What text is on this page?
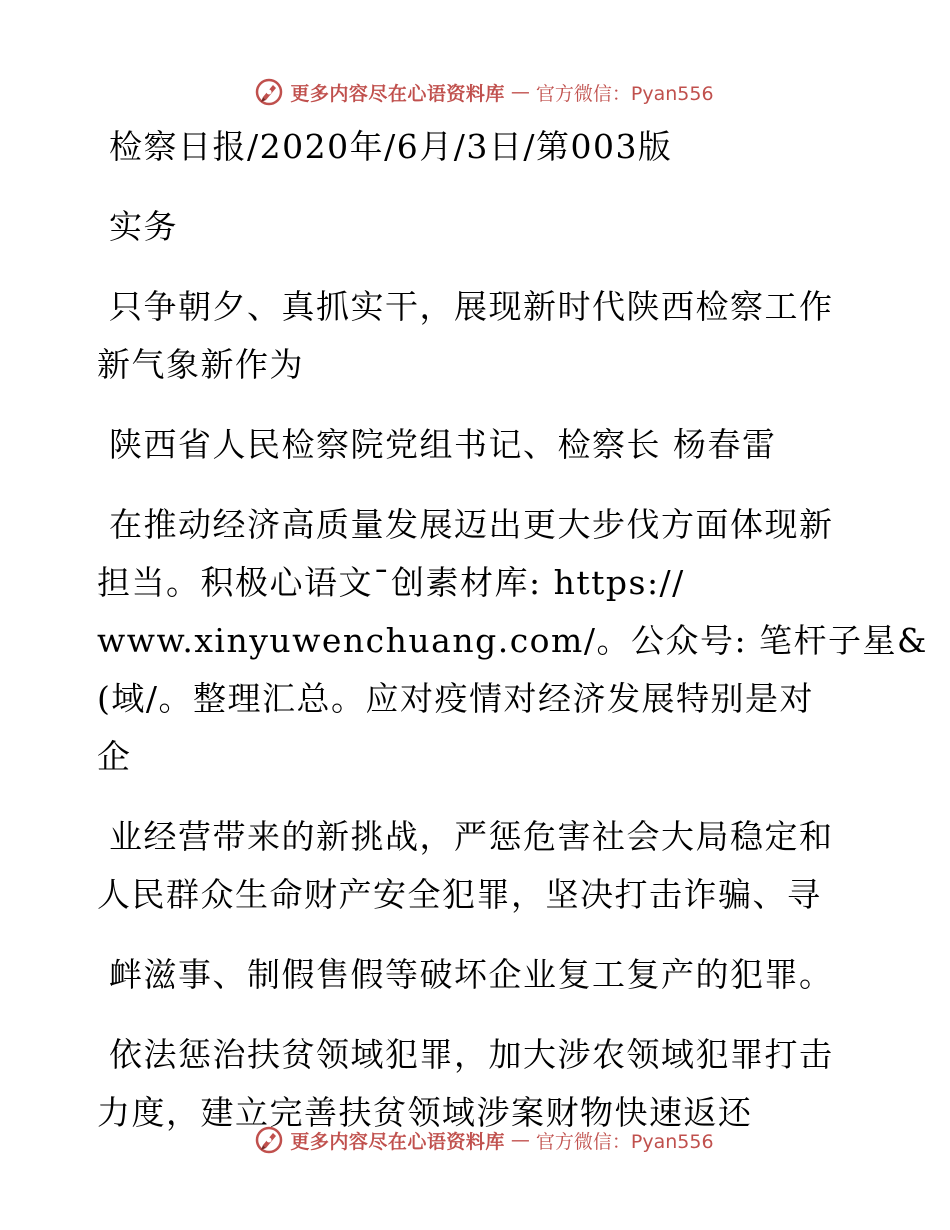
更多内容尽在心语资料库 — 官方微信：Pyan556
检察日报/2020年/6月/3日/第003版
实务
只争朝夕、真抓实干，展现新时代陕西检察工作
新气象新作为
陕西省人民检察院党组书记、检察长 杨春雷
在推动经济高质量发展迈出更大步伐方面体现新
担当。积极心语文¯创素材库: https://
www.xinyuwenchuang.com/。公众号: 笔杆子星&
(域/。整理汇总。应对疫情对经济发展特别是对
企
业经营带来的新挑战，严惩危害社会大局稳定和
人民群众生命财产安全犯罪，坚决打击诈骗、寻
衅滋事、制假售假等破坏企业复工复产的犯罪。
依法惩治扶贫领域犯罪，加大涉农领域犯罪打击
力度，建立完善扶贫领域涉案财物快速返还
更多内容尽在心语资料库 — 官方微信：Pyan556
